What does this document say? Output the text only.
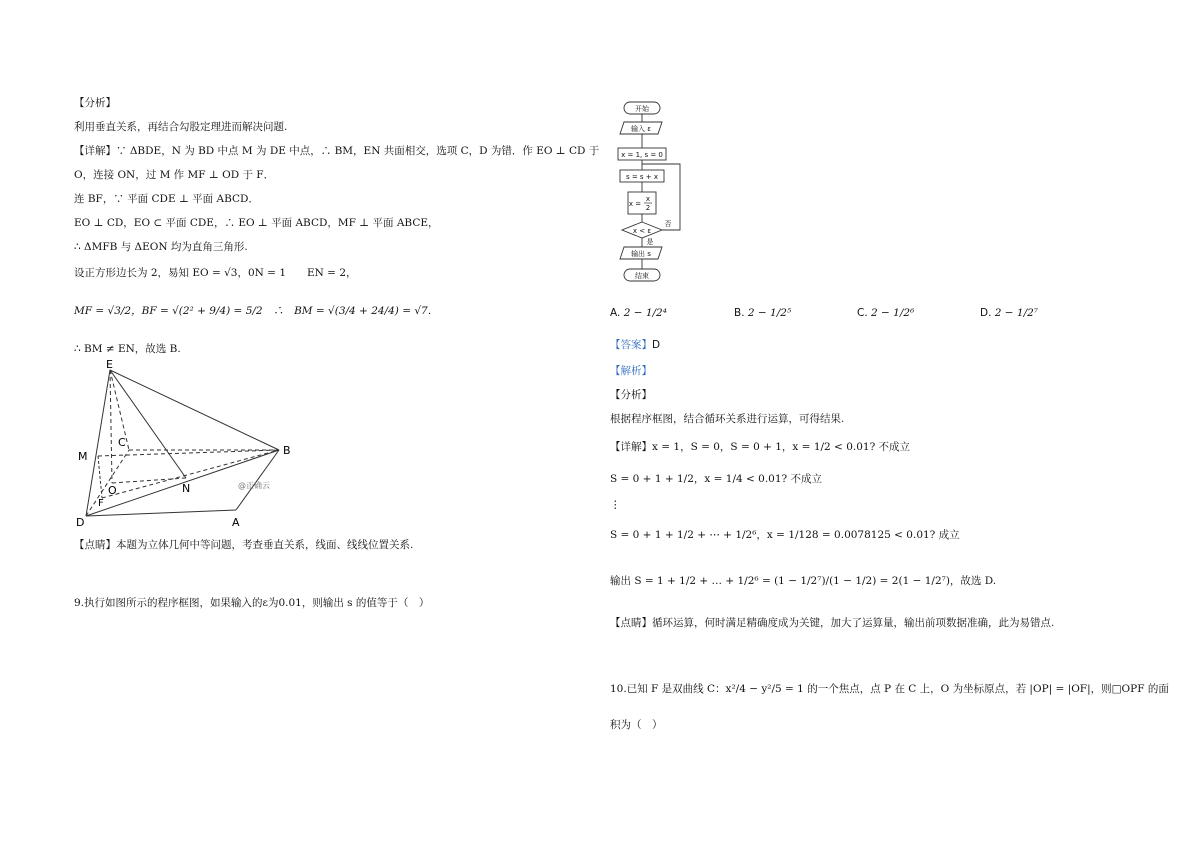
【分析】
利用垂直关系，再结合勾股定理进而解决问题.
【详解】∵ ΔBDE，N 为 BD 中点 M 为 DE 中点，∴ BM，EN 共面相交，选项 C，D 为错．作 EO ⊥ CD 于
O，连接 ON，过 M 作 MF ⊥ OD 于 F．
连 BF，∵ 平面 CDE ⊥ 平面 ABCD．
EO ⊥ CD，EO ⊂ 平面 CDE，∴ EO ⊥ 平面 ABCD，MF ⊥ 平面 ABCE，
∴ ΔMFB 与 ΔEON 均为直角三角形.
设正方形边长为 2，易知 EO = √3，0N = 1　　EN = 2，
MF = √3/2，BF = √(2² + 9/4) = 5/2　∴　BM = √(3/4 + 24/4) = √7．
∴ BM ≠ EN，故选 B.
E
C
M	B
O
F
N
D	A
@正确云
【点睛】本题为立体几何中等问题，考查垂直关系，线面、线线位置关系.
9.执行如图所示的程序框图，如果输入的ε为0.01，则输出 s 的值等于（　）
开始
输入 ε
x = 1, s = 0
s = s + x
x =
x
2
x < ε
否
是
输出 s
结束
A. 2 − 1/2⁴	B. 2 − 1/2⁵	C. 2 − 1/2⁶	D. 2 − 1/2⁷
【答案】D
【解析】
【分析】
根据程序框图，结合循环关系进行运算，可得结果.
【详解】x = 1，S = 0，S = 0 + 1，x = 1/2 < 0.01? 不成立
S = 0 + 1 + 1/2，x = 1/4 < 0.01? 不成立
⋮
S = 0 + 1 + 1/2 + ⋯ + 1/2⁶，x = 1/128 = 0.0078125 < 0.01? 成立
输出 S = 1 + 1/2 + … + 1/2⁶ = (1 − 1/2⁷)/(1 − 1/2) = 2(1 − 1/2⁷)，故选 D.
【点睛】循环运算，何时满足精确度成为关键，加大了运算量，输出前项数据准确，此为易错点.
10.已知 F 是双曲线 C：x²/4 − y²/5 = 1 的一个焦点，点 P 在 C 上，O 为坐标原点，若 |OP| = |OF|，则□OPF 的面
积为（　）
